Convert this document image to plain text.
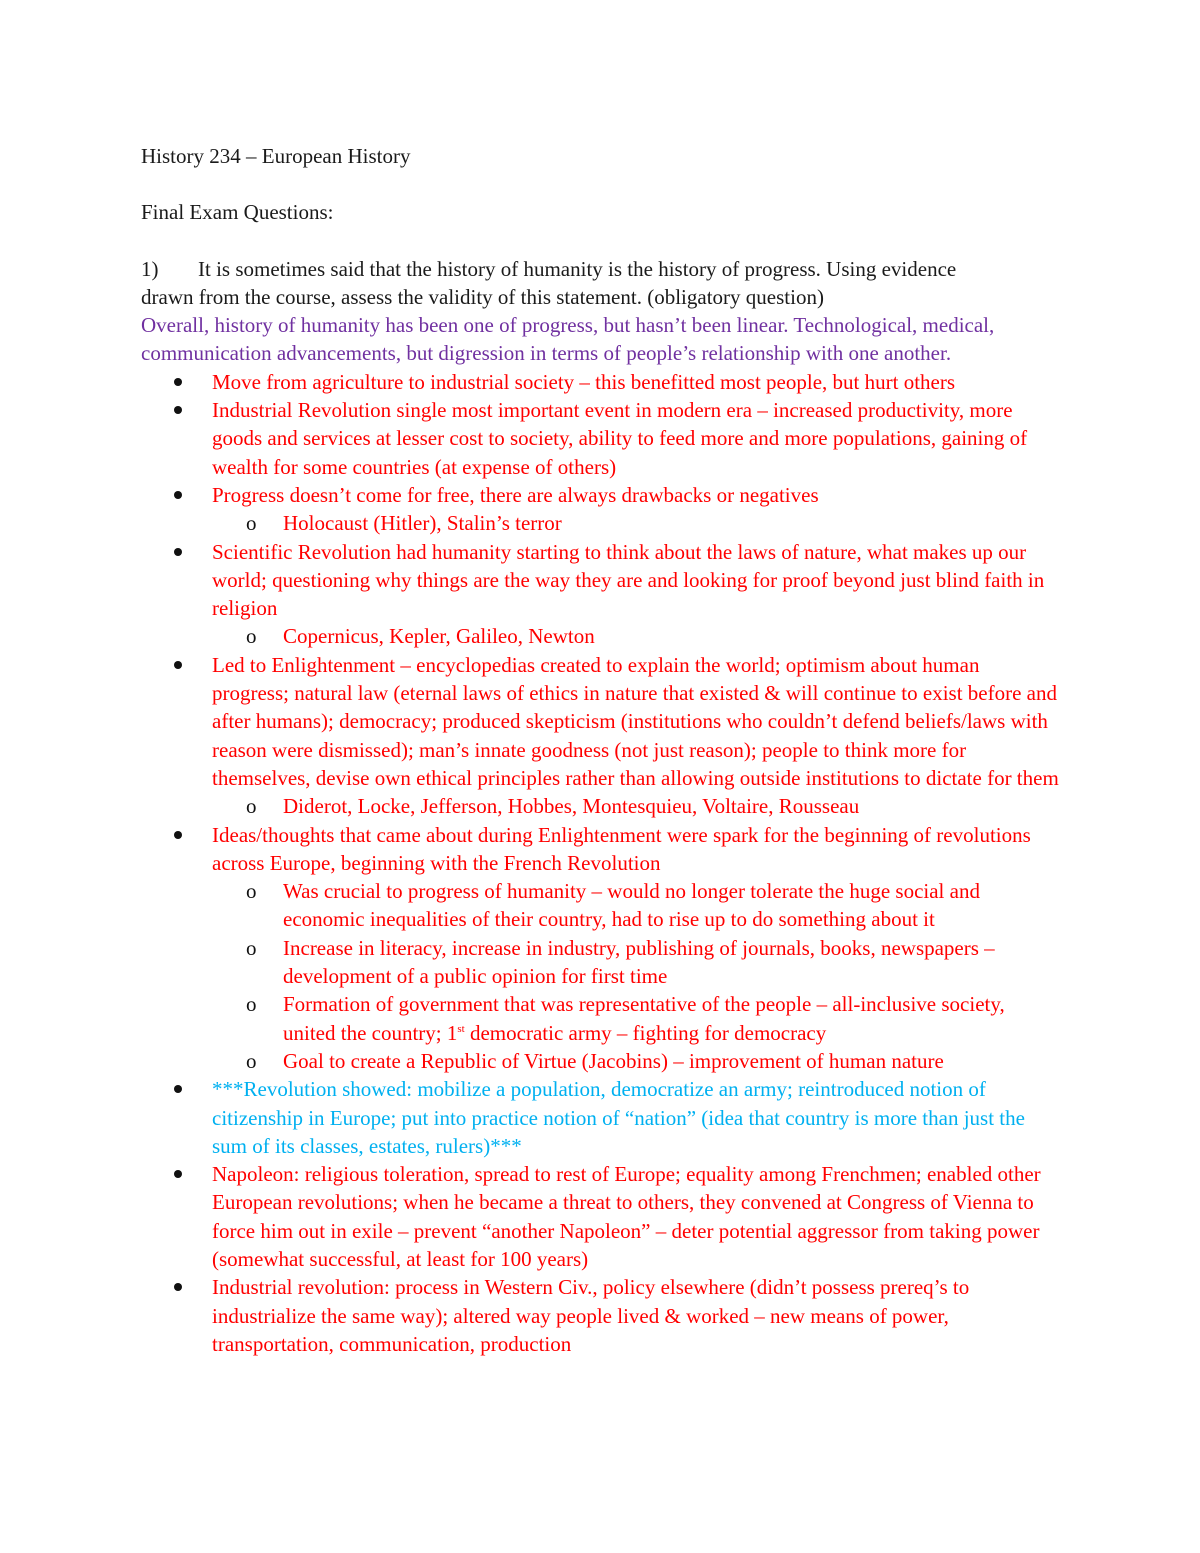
History 234 – European History

Final Exam Questions:

1) It is sometimes said that the history of humanity is the history of progress. Using evidence

drawn from the course, assess the validity of this statement. (obligatory question)

Overall, history of humanity has been one of progress, but hasn’t been linear. Technological, medical, communication advancements, but digression in terms of people’s relationship with one another.

Move from agriculture to industrial society – this benefitted most people, but hurt others
Industrial Revolution single most important event in modern era – increased productivity, more goods and services at lesser cost to society, ability to feed more and more populations, gaining of wealth for some countries (at expense of others)
Progress doesn’t come for free, there are always drawbacks or negatives
o Holocaust (Hitler), Stalin’s terror
Scientific Revolution had humanity starting to think about the laws of nature, what makes up our world; questioning why things are the way they are and looking for proof beyond just blind faith in religion
o Copernicus, Kepler, Galileo, Newton
Led to Enlightenment – encyclopedias created to explain the world; optimism about human progress; natural law (eternal laws of ethics in nature that existed & will continue to exist before and after humans); democracy; produced skepticism (institutions who couldn’t defend beliefs/laws with reason were dismissed); man’s innate goodness (not just reason); people to think more for themselves, devise own ethical principles rather than allowing outside institutions to dictate for them
o Diderot, Locke, Jefferson, Hobbes, Montesquieu, Voltaire, Rousseau
Ideas/thoughts that came about during Enlightenment were spark for the beginning of revolutions across Europe, beginning with the French Revolution
o Was crucial to progress of humanity – would no longer tolerate the huge social and economic inequalities of their country, had to rise up to do something about it
o Increase in literacy, increase in industry, publishing of journals, books, newspapers – development of a public opinion for first time
o Formation of government that was representative of the people – all-inclusive society, united the country; 1st democratic army – fighting for democracy
o Goal to create a Republic of Virtue (Jacobins) – improvement of human nature
***Revolution showed: mobilize a population, democratize an army; reintroduced notion of citizenship in Europe; put into practice notion of “nation” (idea that country is more than just the sum of its classes, estates, rulers)***
Napoleon: religious toleration, spread to rest of Europe; equality among Frenchmen; enabled other European revolutions; when he became a threat to others, they convened at Congress of Vienna to force him out in exile – prevent “another Napoleon” – deter potential aggressor from taking power (somewhat successful, at least for 100 years)
Industrial revolution: process in Western Civ., policy elsewhere (didn’t possess prereq’s to industrialize the same way); altered way people lived & worked – new means of power, transportation, communication, production
